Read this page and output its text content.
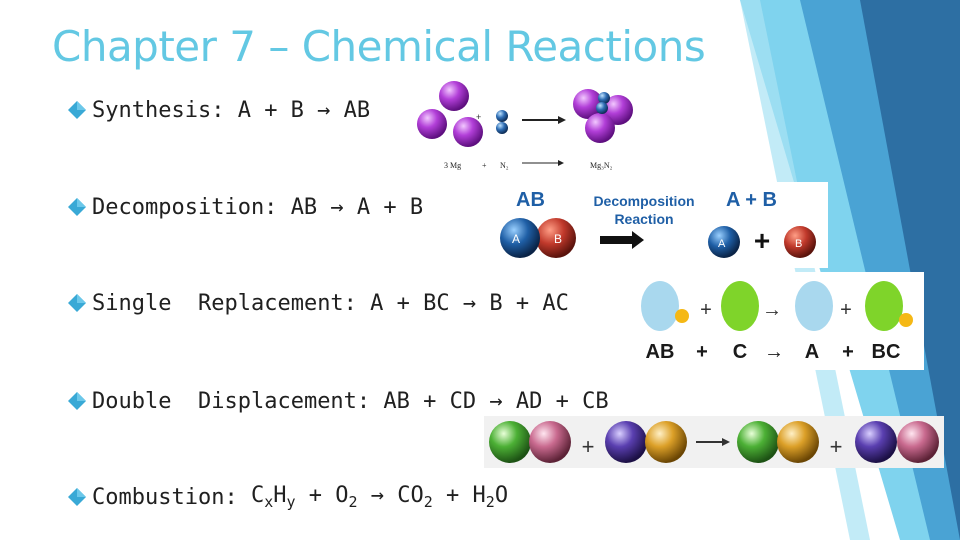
Chapter 7 – Chemical Reactions
Synthesis:
A + B → AB
Decomposition:
AB → A + B
Single
Replacement: A + BC → B + AC
Double
Displacement: AB + CD → AD + CB
Combustion:
$C_xH_y + O_2 \to CO_2 + H_2O$
+
3 Mg	+ N₂	Mg₃N₂
AB
A	B
Decomposition
Reaction
A + B
A + B
+	→	+
AB + C → A + BC
+	+
